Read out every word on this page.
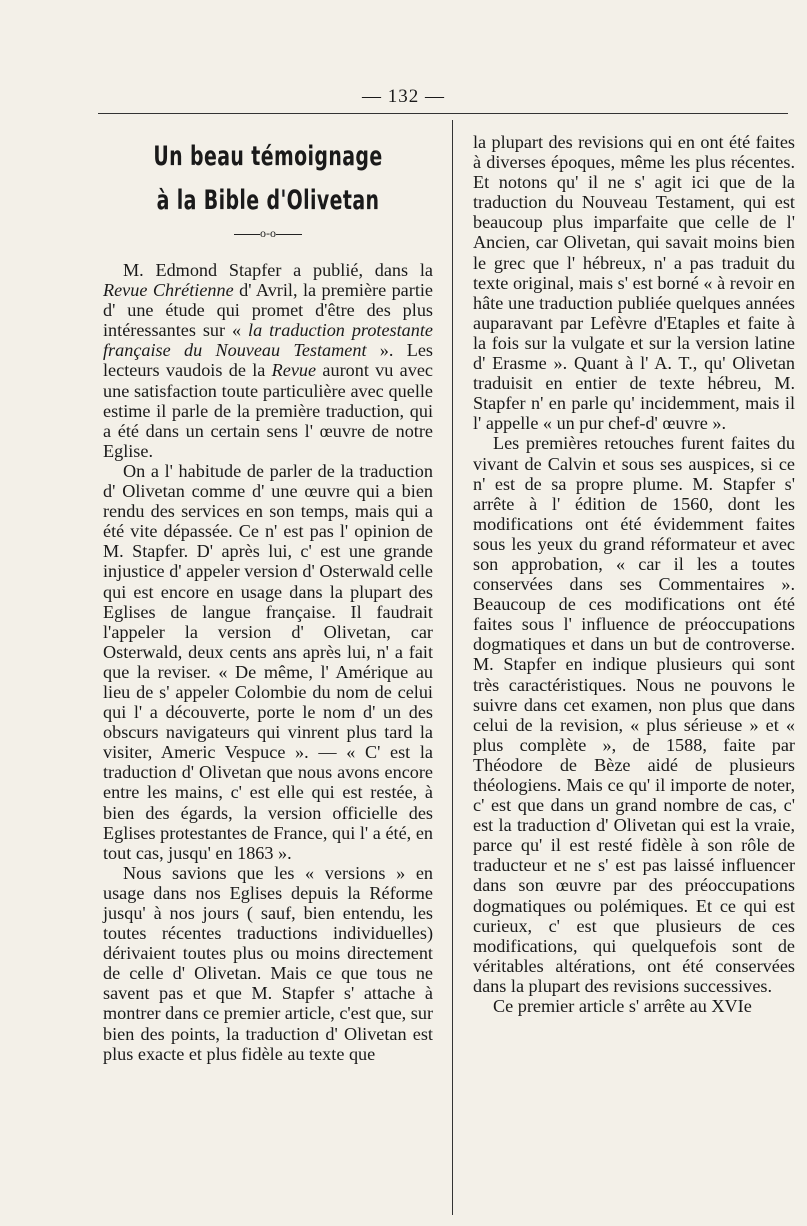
— 132 —
Un beau témoignage
à la Bible d'Olivetan
o-o

M. Edmond Stapfer a publié, dans la Revue Chrétienne d' Avril, la première partie d' une étude qui promet d'être des plus intéressantes sur « la traduction protestante française du Nouveau Testament ». Les lecteurs vaudois de la Revue auront vu avec une satisfaction toute particulière avec quelle estime il parle de la première traduction, qui a été dans un certain sens l' œuvre de notre Eglise.

On a l' habitude de parler de la traduction d' Olivetan comme d' une œuvre qui a bien rendu des services en son temps, mais qui a été vite dépassée. Ce n' est pas l' opinion de M. Stapfer. D' après lui, c' est une grande injustice d' appeler version d' Osterwald celle qui est encore en usage dans la plupart des Eglises de langue française. Il faudrait l'appeler la version d' Olivetan, car Osterwald, deux cents ans après lui, n' a fait que la reviser. « De même, l' Amérique au lieu de s' appeler Colombie du nom de celui qui l' a découverte, porte le nom d' un des obscurs navigateurs qui vinrent plus tard la visiter, Americ Vespuce ». — « C' est la traduction d' Olivetan que nous avons encore entre les mains, c' est elle qui est restée, à bien des égards, la version officielle des Eglises protestantes de France, qui l' a été, en tout cas, jusqu' en 1863 ».

Nous savions que les « versions » en usage dans nos Eglises depuis la Réforme jusqu' à nos jours ( sauf, bien entendu, les toutes récentes traductions individuelles) dérivaient toutes plus ou moins directement de celle d' Olivetan. Mais ce que tous ne savent pas et que M. Stapfer s' attache à montrer dans ce premier article, c'est que, sur bien des points, la traduction d' Olivetan est plus exacte et plus fidèle au texte que

la plupart des revisions qui en ont été faites à diverses époques, même les plus récentes. Et notons qu' il ne s' agit ici que de la traduction du Nouveau Testament, qui est beaucoup plus imparfaite que celle de l' Ancien, car Olivetan, qui savait moins bien le grec que l' hébreux, n' a pas traduit du texte original, mais s' est borné « à revoir en hâte une traduction publiée quelques années auparavant par Lefèvre d'Etaples et faite à la fois sur la vulgate et sur la version latine d' Erasme ». Quant à l' A. T., qu' Olivetan traduisit en entier de texte hébreu, M. Stapfer n' en parle qu' incidemment, mais il l' appelle « un pur chef-d' œuvre ».

Les premières retouches furent faites du vivant de Calvin et sous ses auspices, si ce n' est de sa propre plume. M. Stapfer s' arrête à l' édition de 1560, dont les modifications ont été évidemment faites sous les yeux du grand réformateur et avec son approbation, « car il les a toutes conservées dans ses Commentaires ». Beaucoup de ces modifications ont été faites sous l' influence de préoccupations dogmatiques et dans un but de controverse. M. Stapfer en indique plusieurs qui sont très caractéristiques. Nous ne pouvons le suivre dans cet examen, non plus que dans celui de la revision, « plus sérieuse » et « plus complète », de 1588, faite par Théodore de Bèze aidé de plusieurs théologiens. Mais ce qu' il importe de noter, c' est que dans un grand nombre de cas, c' est la traduction d' Olivetan qui est la vraie, parce qu' il est resté fidèle à son rôle de traducteur et ne s' est pas laissé influencer dans son œuvre par des préoccupations dogmatiques ou polémiques. Et ce qui est curieux, c' est que plusieurs de ces modifications, qui quelquefois sont de véritables altérations, ont été conservées dans la plupart des revisions successives.

Ce premier article s' arrête au XVIe
